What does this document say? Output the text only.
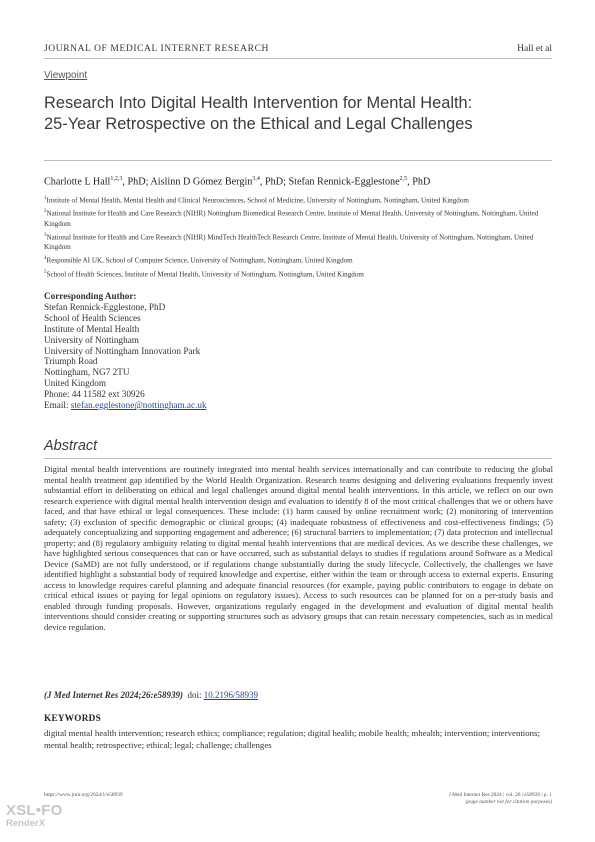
JOURNAL OF MEDICAL INTERNET RESEARCH	Hall et al
Viewpoint
Research Into Digital Health Intervention for Mental Health:
25-Year Retrospective on the Ethical and Legal Challenges
Charlotte L Hall$^{1,2,3}$, PhD; Aislinn D Gómez Bergin$^{3,4}$, PhD; Stefan Rennick-Egglestone$^{2,5}$, PhD
$^1$Institute of Mental Health, Mental Health and Clinical Neurosciences, School of Medicine, University of Nottingham, Nottingham, United Kingdom
$^2$National Institute for Health and Care Research (NIHR) Nottingham Biomedical Research Centre, Institute of Mental Health, University of Nottingham, Nottingham, United Kingdom
$^3$National Institute for Health and Care Research (NIHR) MindTech HealthTech Research Centre, Institute of Mental Health, University of Nottingham, Nottingham, United Kingdom
$^4$Responsible AI UK, School of Computer Science, University of Nottingham, Nottingham, United Kingdom
$^5$School of Health Sciences, Institute of Mental Health, University of Nottingham, Nottingham, United Kingdom
Corresponding Author:
Stefan Rennick-Egglestone, PhD
School of Health Sciences
Institute of Mental Health
University of Nottingham
University of Nottingham Innovation Park
Triumph Road
Nottingham, NG7 2TU
United Kingdom
Phone: 44 11582 ext 30926
Email: stefan.egglestone@nottingham.ac.uk
Abstract
Digital mental health interventions are routinely integrated into mental health services internationally and can contribute to reducing the global mental health treatment gap identified by the World Health Organization. Research teams designing and delivering evaluations frequently invest substantial effort in deliberating on ethical and legal challenges around digital mental health interventions. In this article, we reflect on our own research experience with digital mental health intervention design and evaluation to identify 8 of the most critical challenges that we or others have faced, and that have ethical or legal consequences. These include: (1) harm caused by online recruitment work; (2) monitoring of intervention safety; (3) exclusion of specific demographic or clinical groups; (4) inadequate robustness of effectiveness and cost-effectiveness findings; (5) adequately conceptualizing and supporting engagement and adherence; (6) structural barriers to implementation; (7) data protection and intellectual property; and (8) regulatory ambiguity relating to digital mental health interventions that are medical devices. As we describe these challenges, we have highlighted serious consequences that can or have occurred, such as substantial delays to studies if regulations around Software as a Medical Device (SaMD) are not fully understood, or if regulations change substantially during the study lifecycle. Collectively, the challenges we have identified highlight a substantial body of required knowledge and expertise, either within the team or through access to external experts. Ensuring access to knowledge requires careful planning and adequate financial resources (for example, paying public contributors to engage in debate on critical ethical issues or paying for legal opinions on regulatory issues). Access to such resources can be planned for on a per-study basis and enabled through funding proposals. However, organizations regularly engaged in the development and evaluation of digital mental health interventions should consider creating or supporting structures such as advisory groups that can retain necessary competencies, such as in medical device regulation.
(J Med Internet Res 2024;26:e58939) doi: 10.2196/58939
KEYWORDS
digital mental health intervention; research ethics; compliance; regulation; digital health; mobile health; mhealth; intervention; interventions; mental health; retrospective; ethical; legal; challenge; challenges
https://www.jmir.org/2024/1/e58939	J Med Internet Res 2024 | vol. 26 | e58939 | p. 1
(page number not for citation purposes)
XSL•FO
RenderX
